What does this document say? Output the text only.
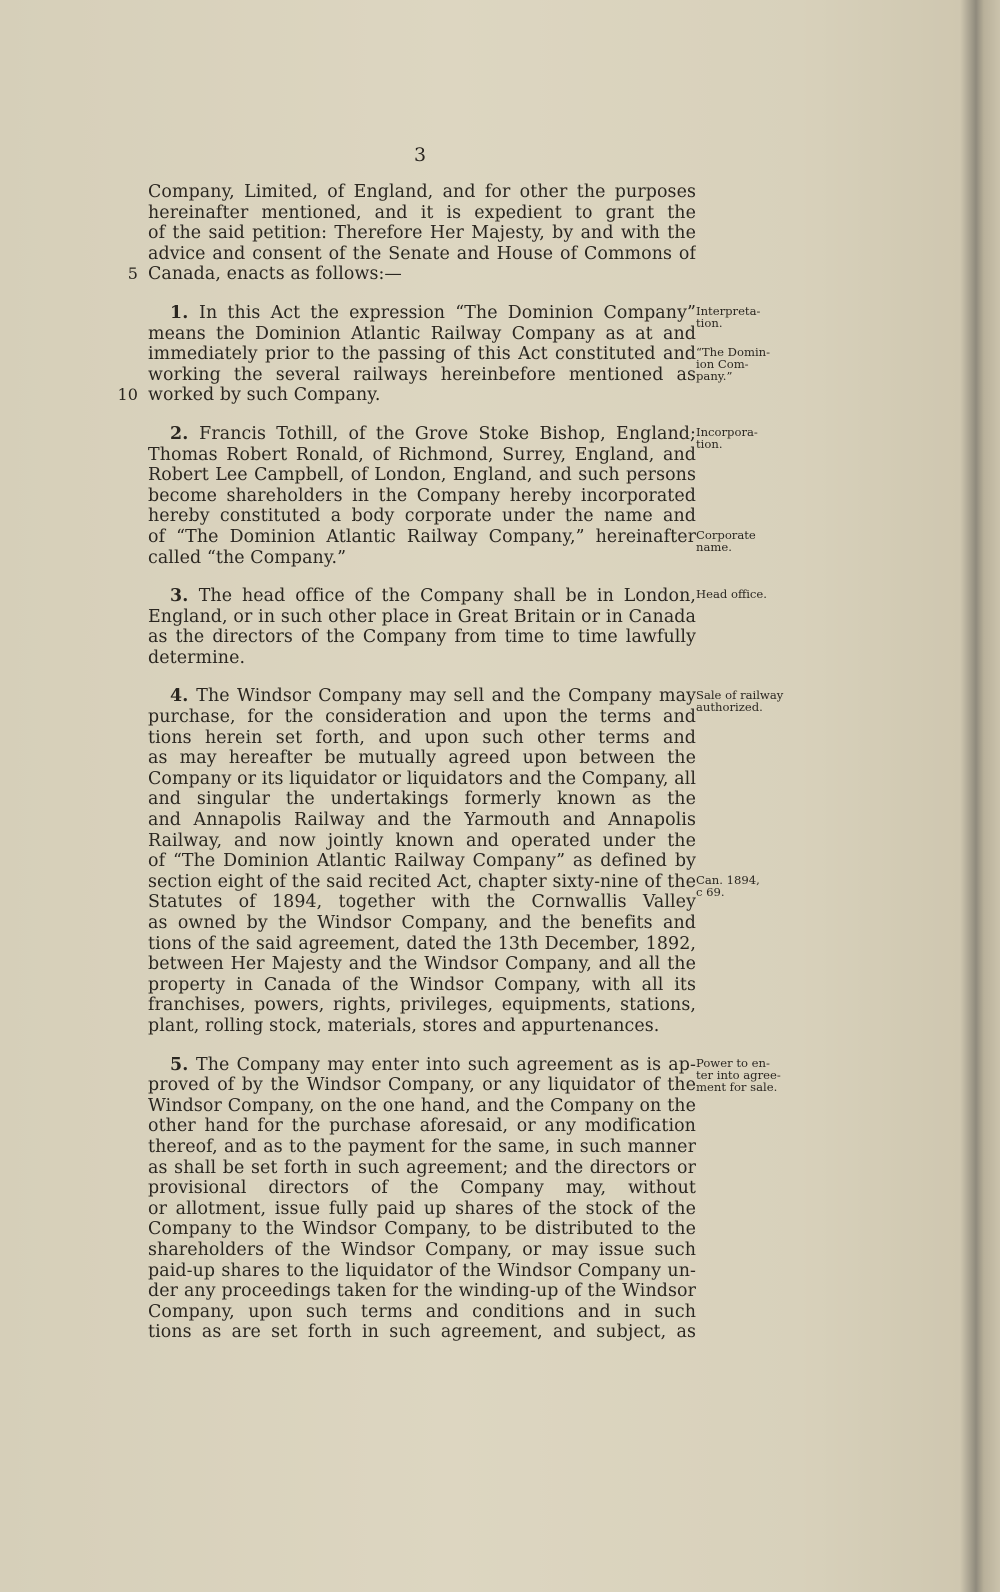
3
Company, Limited, of England, and for other the purposes
hereinafter mentioned, and it is expedient to grant the
of the said petition: Therefore Her Majesty, by and with the
advice and consent of the Senate and House of Commons of
5 Canada, enacts as follows:—
1. In this Act the expression “The Dominion Company”
means the Dominion Atlantic Railway Company as at and
immediately prior to the passing of this Act constituted and
working the several railways hereinbefore mentioned as
10 worked by such Company.
2. Francis Tothill, of the Grove Stoke Bishop, England;
Thomas Robert Ronald, of Richmond, Surrey, England, and
Robert Lee Campbell, of London, England, and such persons
become shareholders in the Company hereby incorporated
hereby constituted a body corporate under the name and
of “The Dominion Atlantic Railway Company,” hereinafter
called “the Company.”
3. The head office of the Company shall be in London,
England, or in such other place in Great Britain or in Canada
as the directors of the Company from time to time lawfully
determine.
4. The Windsor Company may sell and the Company may
purchase, for the consideration and upon the terms and
tions herein set forth, and upon such other terms and
as may hereafter be mutually agreed upon between the
Company or its liquidator or liquidators and the Company, all
and singular the undertakings formerly known as the
and Annapolis Railway and the Yarmouth and Annapolis
Railway, and now jointly known and operated under the
of “The Dominion Atlantic Railway Company” as defined by
section eight of the said recited Act, chapter sixty-nine of the
Statutes of 1894, together with the Cornwallis Valley
as owned by the Windsor Company, and the benefits and
tions of the said agreement, dated the 13th December, 1892,
between Her Majesty and the Windsor Company, and all the
property in Canada of the Windsor Company, with all its
franchises, powers, rights, privileges, equipments, stations,
plant, rolling stock, materials, stores and appurtenances.
5. The Company may enter into such agreement as is ap-
proved of by the Windsor Company, or any liquidator of the
Windsor Company, on the one hand, and the Company on the
other hand for the purchase aforesaid, or any modification
thereof, and as to the payment for the same, in such manner
as shall be set forth in such agreement; and the directors or
provisional directors of the Company may, without
or allotment, issue fully paid up shares of the stock of the
Company to the Windsor Company, to be distributed to the
shareholders of the Windsor Company, or may issue such
paid-up shares to the liquidator of the Windsor Company un-
der any proceedings taken for the winding-up of the Windsor
Company, upon such terms and conditions and in such
tions as are set forth in such agreement, and subject, as
Interpreta-
tion.
“The Domin-
ion Com-
pany.”
Incorpora-
tion.
Corporate
name.
Head office.
Sale of railway
authorized.
Can. 1894,
c 69.
Power to en-
ter into agree-
ment for sale.
